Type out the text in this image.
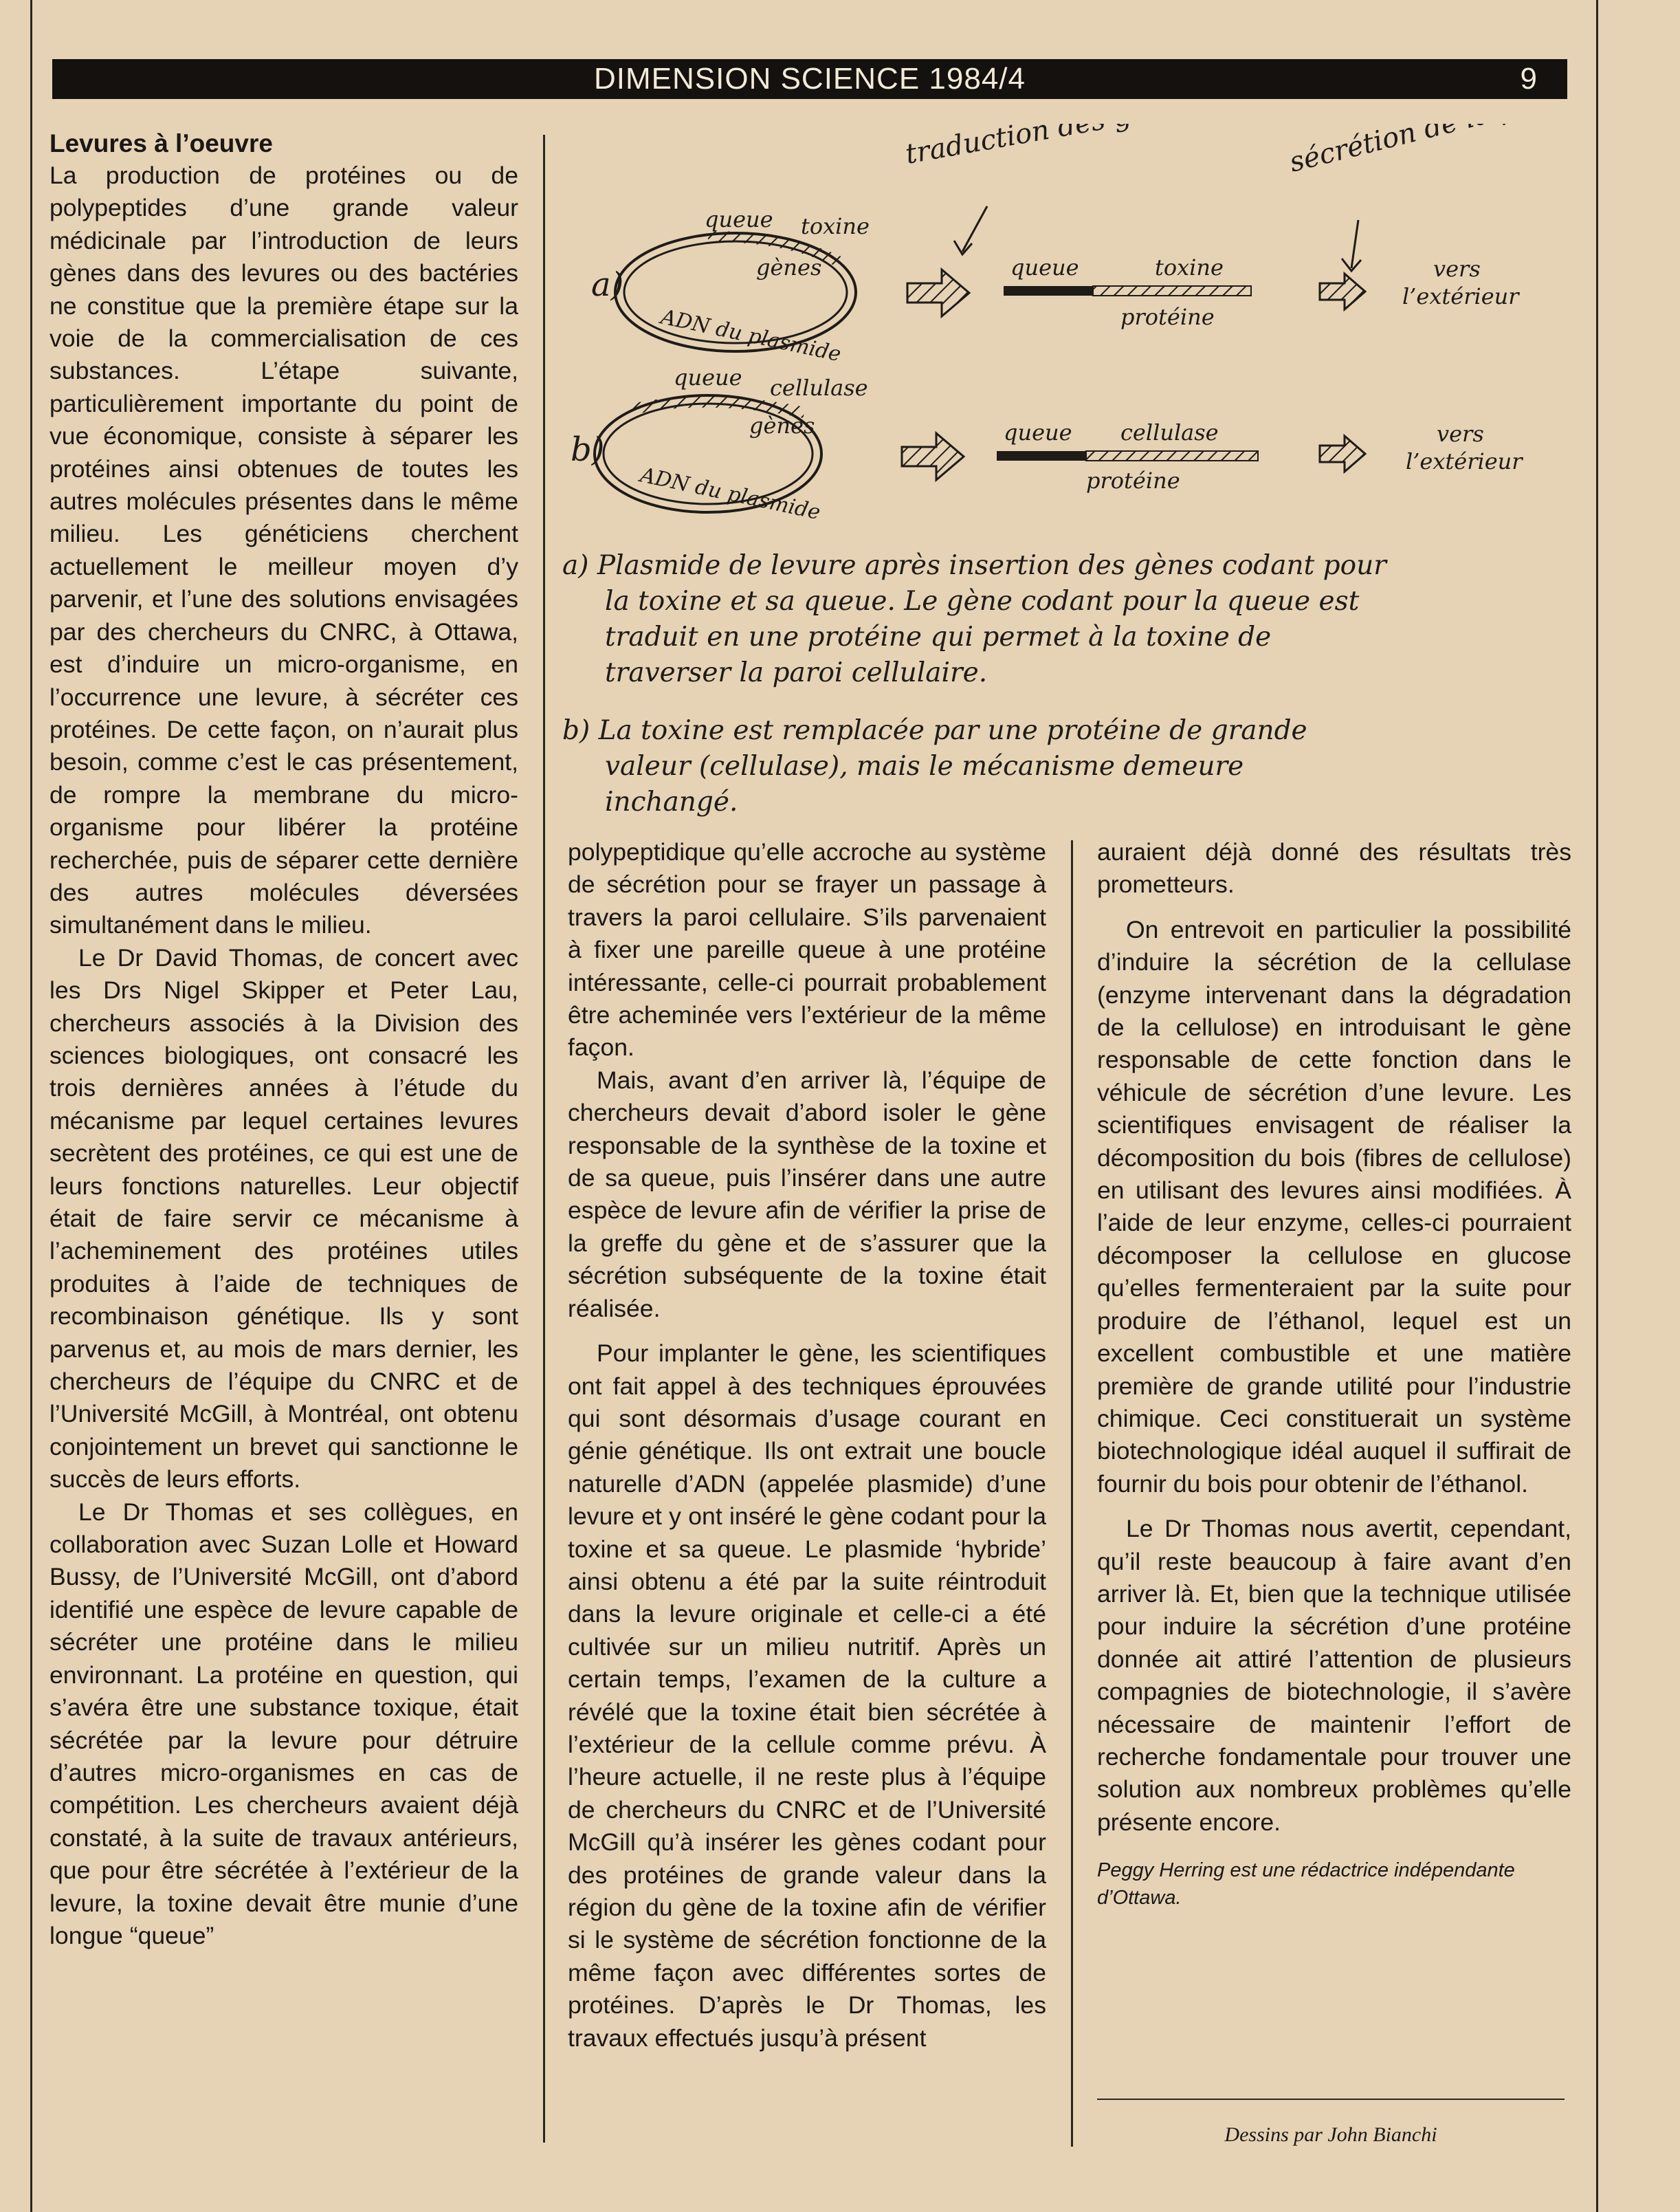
DIMENSION SCIENCE 1984/4	9

Levures à l’oeuvre

La production de protéines ou de polypeptides d’une grande valeur médicinale par l’introduction de leurs gènes dans des levures ou des bactéries ne constitue que la première étape sur la voie de la commercialisation de ces substances. L’étape suivante, particulièrement importante du point de vue économique, consiste à séparer les protéines ainsi obtenues de toutes les autres molécules présentes dans le même milieu. Les généticiens cherchent actuellement le meilleur moyen d’y parvenir, et l’une des solutions envisagées par des chercheurs du CNRC, à Ottawa, est d’induire un micro-organisme, en l’occurrence une levure, à sécréter ces protéines. De cette façon, on n’aurait plus besoin, comme c’est le cas présentement, de rompre la membrane du micro-organisme pour libérer la protéine recherchée, puis de séparer cette dernière des autres molécules déversées simultanément dans le milieu.

Le Dr David Thomas, de concert avec les Drs Nigel Skipper et Peter Lau, chercheurs associés à la Division des sciences biologiques, ont consacré les trois dernières années à l’étude du mécanisme par lequel certaines levures secrètent des protéines, ce qui est une de leurs fonctions naturelles. Leur objectif était de faire servir ce mécanisme à l’acheminement des protéines utiles produites à l’aide de techniques de recombinaison génétique. Ils y sont parvenus et, au mois de mars dernier, les chercheurs de l’équipe du CNRC et de l’Université McGill, à Montréal, ont obtenu conjointement un brevet qui sanctionne le succès de leurs efforts.

Le Dr Thomas et ses collègues, en collaboration avec Suzan Lolle et Howard Bussy, de l’Université McGill, ont d’abord identifié une espèce de levure capable de sécréter une protéine dans le milieu environnant. La protéine en question, qui s’avéra être une substance toxique, était sécrétée par la levure pour détruire d’autres micro-organismes en cas de compétition. Les chercheurs avaient déjà constaté, à la suite de travaux antérieurs, que pour être sécrétée à l’extérieur de la levure, la toxine devait être munie d’une longue “queue”

a)
queue toxine
gènes
ADN du plasmide
queue	toxine
protéine
vers
l’extérieur
b)
queue cellulase
gènes
ADN du plasmide
queue cellulase
protéine
vers
l’extérieur
a) Plasmide de levure après insertion des gènes codant pour
la toxine et sa queue. Le gène codant pour la queue est
traduit en une protéine qui permet à la toxine de
traverser la paroi cellulaire.
b) La toxine est remplacée par une protéine de grande
valeur (cellulase), mais le mécanisme demeure
inchangé.

polypeptidique qu’elle accroche au système de sécrétion pour se frayer un passage à travers la paroi cellulaire. S’ils parvenaient à fixer une pareille queue à une protéine intéressante, celle-ci pourrait probablement être acheminée vers l’extérieur de la même façon.

Mais, avant d’en arriver là, l’équipe de chercheurs devait d’abord isoler le gène responsable de la synthèse de la toxine et de sa queue, puis l’insérer dans une autre espèce de levure afin de vérifier la prise de la greffe du gène et de s’assurer que la sécrétion subséquente de la toxine était réalisée.

Pour implanter le gène, les scientifiques ont fait appel à des techniques éprouvées qui sont désormais d’usage courant en génie génétique. Ils ont extrait une boucle naturelle d’ADN (appelée plasmide) d’une levure et y ont inséré le gène codant pour la toxine et sa queue. Le plasmide ‘hybride’ ainsi obtenu a été par la suite réintroduit dans la levure originale et celle-ci a été cultivée sur un milieu nutritif. Après un certain temps, l’examen de la culture a révélé que la toxine était bien sécrétée à l’extérieur de la cellule comme prévu. À l’heure actuelle, il ne reste plus à l’équipe de chercheurs du CNRC et de l’Université McGill qu’à insérer les gènes codant pour des protéines de grande valeur dans la région du gène de la toxine afin de vérifier si le système de sécrétion fonctionne de la même façon avec différentes sortes de protéines. D’après le Dr Thomas, les travaux effectués jusqu’à présent

auraient déjà donné des résultats très prometteurs.

On entrevoit en particulier la possibilité d’induire la sécrétion de la cellulase (enzyme intervenant dans la dégradation de la cellulose) en introduisant le gène responsable de cette fonction dans le véhicule de sécrétion d’une levure. Les scientifiques envisagent de réaliser la décomposition du bois (fibres de cellulose) en utilisant des levures ainsi modifiées. À l’aide de leur enzyme, celles-ci pourraient décomposer la cellulose en glucose qu’elles fermenteraient par la suite pour produire de l’éthanol, lequel est un excellent combustible et une matière première de grande utilité pour l’industrie chimique. Ceci constituerait un système biotechnologique idéal auquel il suffirait de fournir du bois pour obtenir de l’éthanol.

Le Dr Thomas nous avertit, cependant, qu’il reste beaucoup à faire avant d’en arriver là. Et, bien que la technique utilisée pour induire la sécrétion d’une protéine donnée ait attiré l’attention de plusieurs compagnies de biotechnologie, il s’avère nécessaire de maintenir l’effort de recherche fondamentale pour trouver une solution aux nombreux problèmes qu’elle présente encore.

Peggy Herring est une rédactrice indépendante d’Ottawa.

Dessins par John Bianchi
